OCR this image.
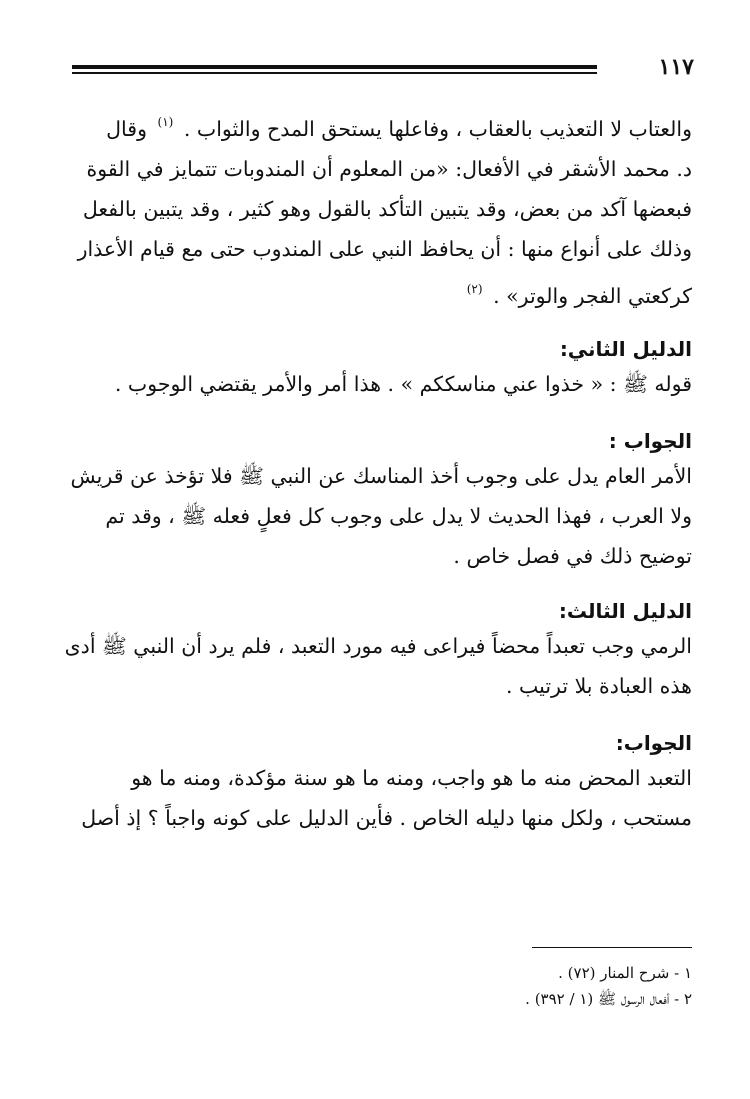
١١٧

والعتاب لا التعذيب بالعقاب ، وفاعلها يستحق المدح والثواب . $^{(١)}$ وقال
د. محمد الأشقر في الأفعال: «من المعلوم أن المندوبات تتمايز في القوة
فبعضها آكد من بعض، وقد يتبين التأكد بالقول وهو كثير ، وقد يتبين بالفعل
وذلك على أنواع منها : أن يحافظ النبي على المندوب حتى مع قيام الأعذار
كركعتي الفجر والوتر» . $^{(٢)}$

الدليل الثاني:

قوله ﷺ : « خذوا عني مناسككم » . هذا أمر والأمر يقتضي الوجوب .

الجواب :

الأمر العام يدل على وجوب أخذ المناسك عن النبي ﷺ فلا تؤخذ عن قريش
ولا العرب ، فهذا الحديث لا يدل على وجوب كل فعلٍ فعله ﷺ ، وقد تم
توضيح ذلك في فصل خاص .

الدليل الثالث:

الرمي وجب تعبداً محضاً فيراعى فيه مورد التعبد ، فلم يرد أن النبي ﷺ أدى
هذه العبادة بلا ترتيب .

الجواب:

التعبد المحض منه ما هو واجب، ومنه ما هو سنة مؤكدة، ومنه ما هو
مستحب ، ولكل منها دليله الخاص . فأين الدليل على كونه واجباً ؟ إذ أصل

١ - شرح المنار (٧٢) .

٢ - أفعال الرسول ﷺ (١ / ٣٩٢) .
